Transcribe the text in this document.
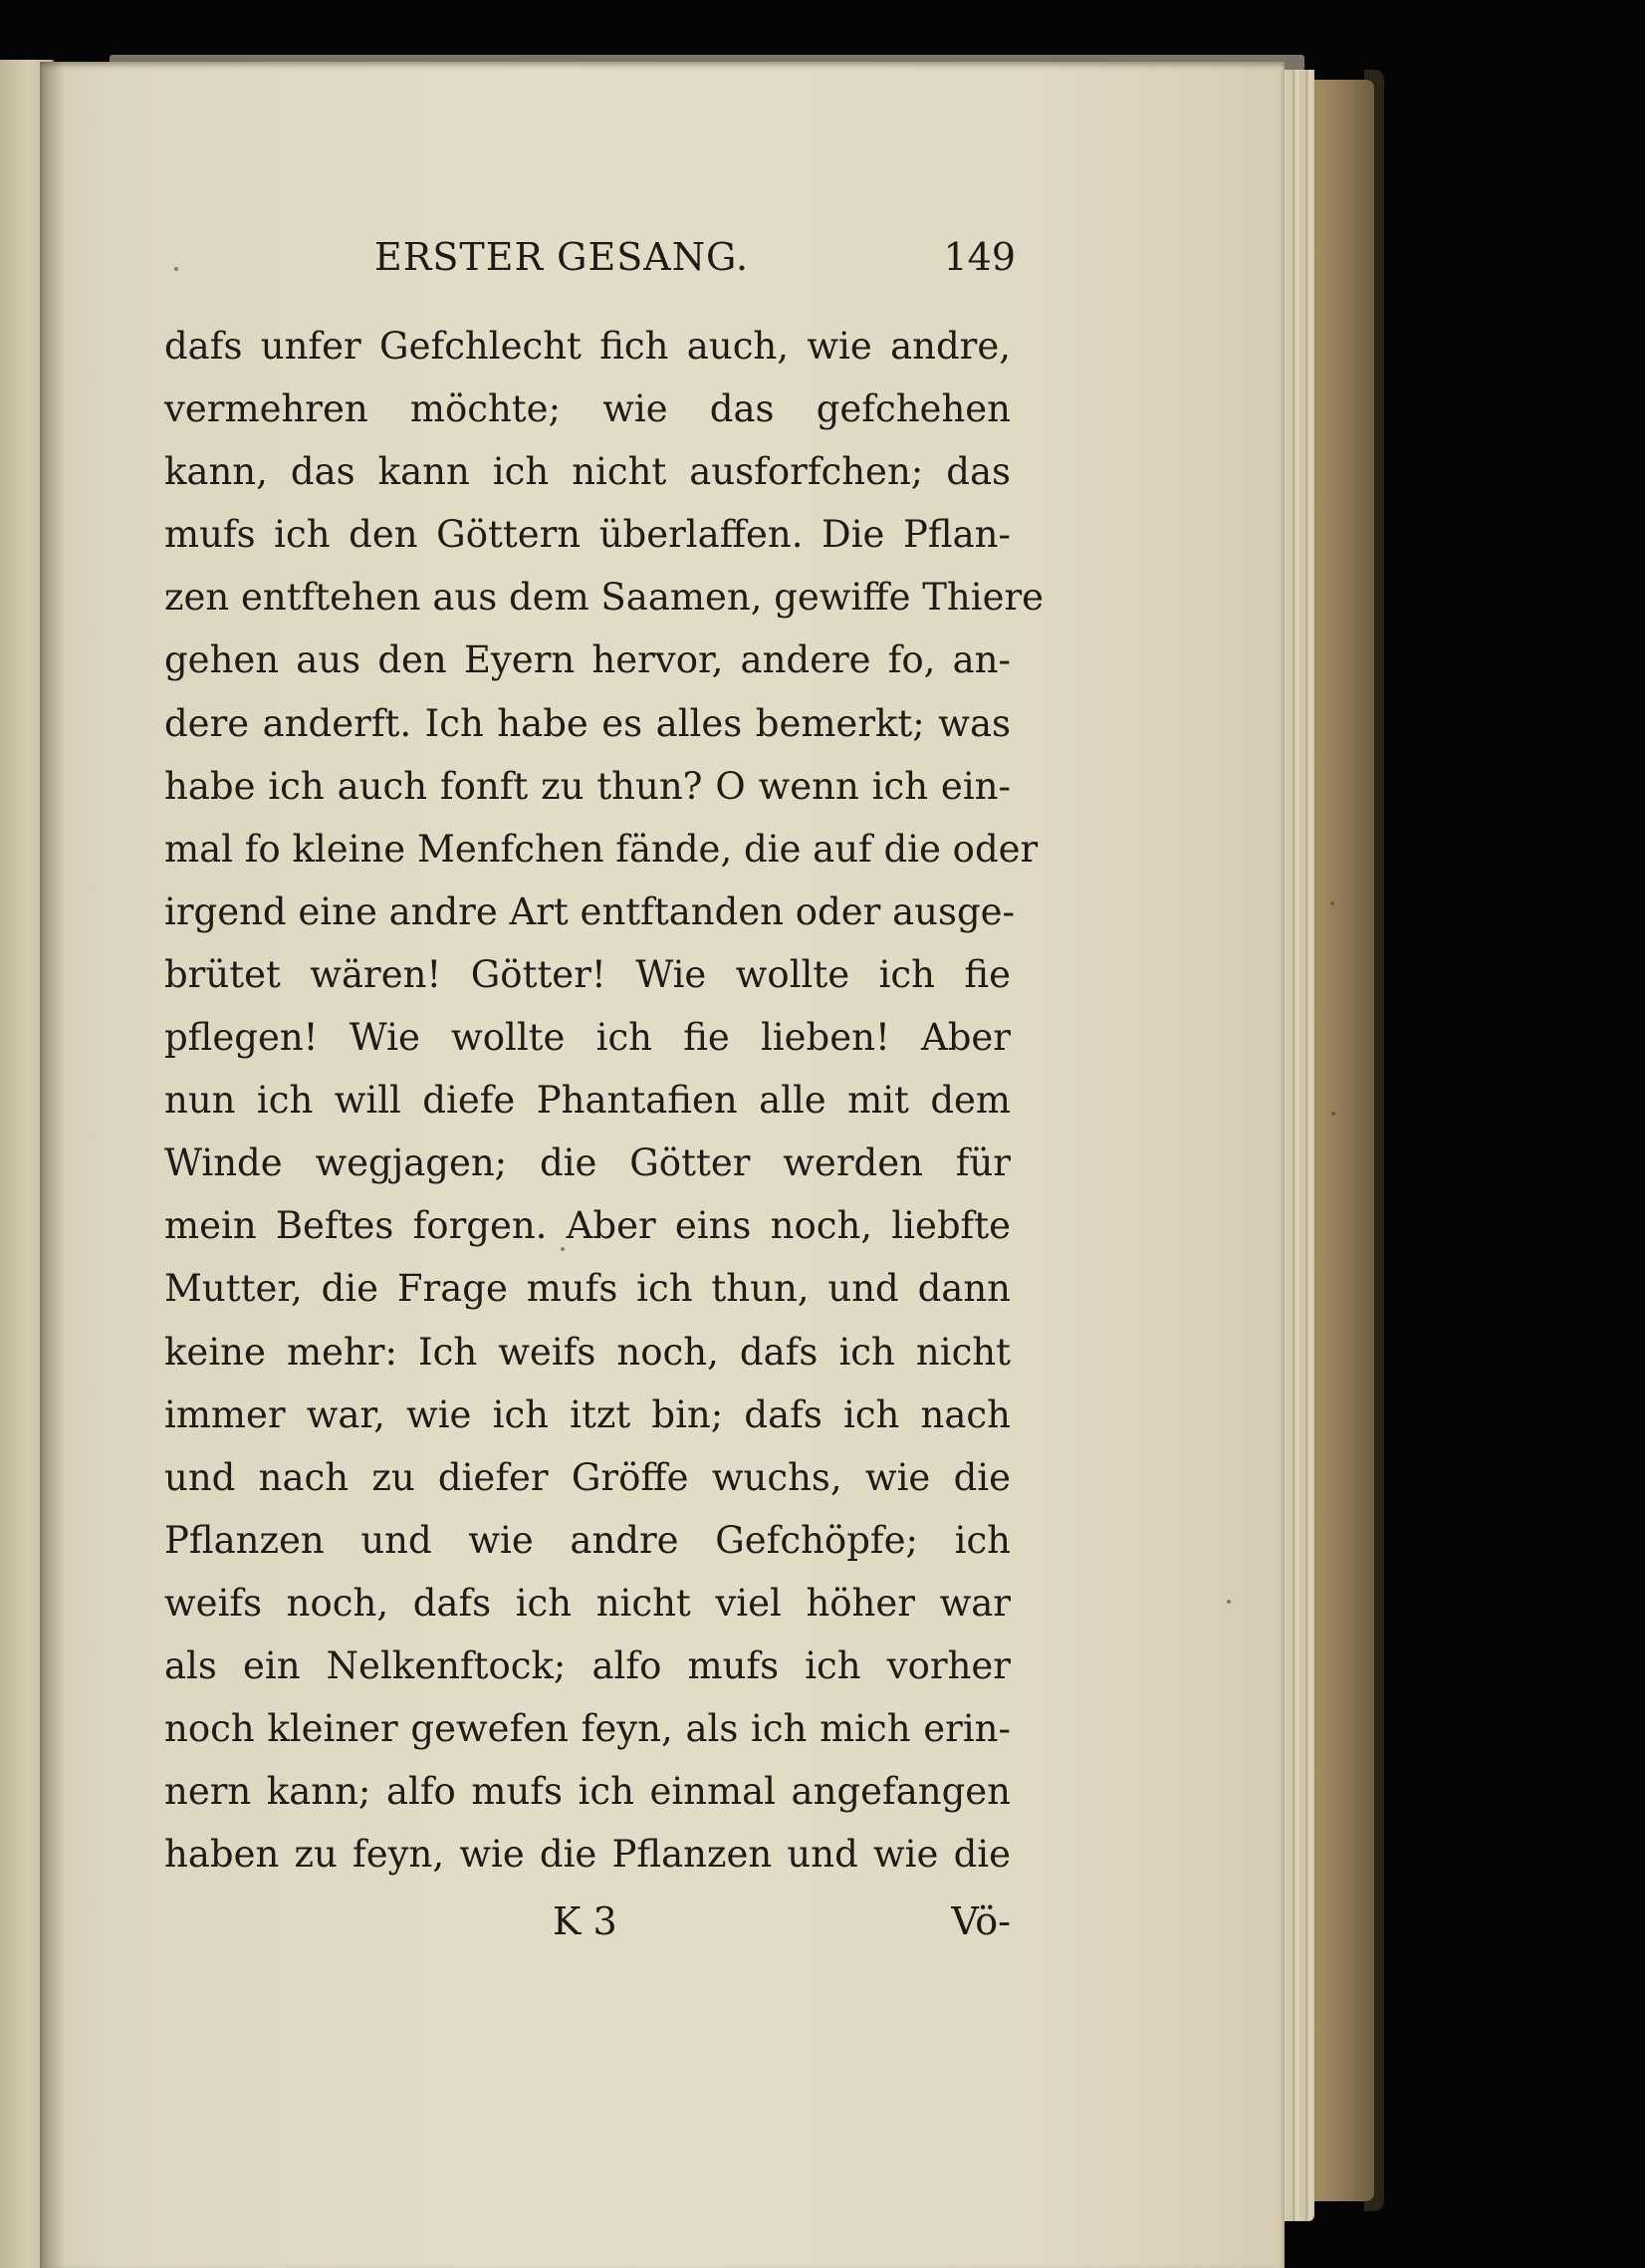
ERSTER GESANG.	149
dafs unfer Gefchlecht fich auch, wie andre,
vermehren möchte; wie das gefchehen
kann, das kann ich nicht ausforfchen; das
mufs ich den Göttern überlaffen. Die Pflan-
zen entftehen aus dem Saamen, gewiffe Thiere
gehen aus den Eyern hervor, andere fo, an-
dere anderft. Ich habe es alles bemerkt; was
habe ich auch fonft zu thun? O wenn ich ein-
mal fo kleine Menfchen fände, die auf die oder
irgend eine andre Art entftanden oder ausge-
brütet wären! Götter! Wie wollte ich fie
pflegen! Wie wollte ich fie lieben! Aber
nun ich will diefe Phantafien alle mit dem
Winde wegjagen; die Götter werden für
mein Beftes forgen. Aber eins noch, liebfte
Mutter, die Frage mufs ich thun, und dann
keine mehr: Ich weifs noch, dafs ich nicht
immer war, wie ich itzt bin; dafs ich nach
und nach zu diefer Gröffe wuchs, wie die
Pflanzen und wie andre Gefchöpfe; ich
weifs noch, dafs ich nicht viel höher war
als ein Nelkenftock; alfo mufs ich vorher
noch kleiner gewefen feyn, als ich mich erin-
nern kann; alfo mufs ich einmal angefangen
haben zu feyn, wie die Pflanzen und wie die
K 3	Vö-
